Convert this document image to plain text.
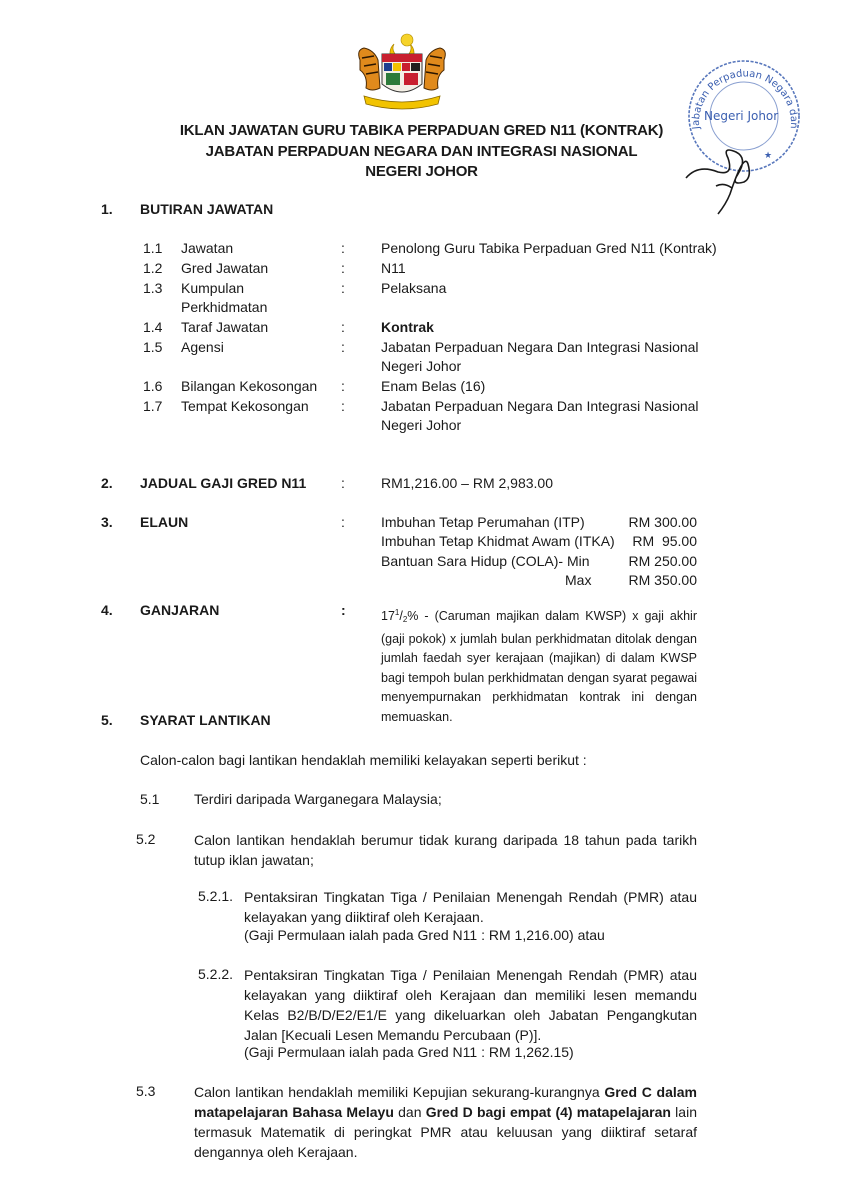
IKLAN JAWATAN GURU TABIKA PERPADUAN GRED N11 (KONTRAK)
JABATAN PERPADUAN NEGARA DAN INTEGRASI NASIONAL
NEGERI JOHOR
Jabatan Perpaduan Negara dan
Negeri Johor
★
1. BUTIRAN JAWATAN
1.1 Jawatan	:	Penolong Guru Tabika Perpaduan Gred N11 (Kontrak)
1.2 Gred Jawatan	:	N11
1.3 Kumpulan
Perkhidmatan
:	Pelaksana
1.4 Taraf Jawatan	:	Kontrak
1.5 Agensi	:	Jabatan Perpaduan Negara Dan Integrasi Nasional
Negeri Johor
1.6 Bilangan Kekosongan :	Enam Belas (16)
1.7 Tempat Kekosongan :	Jabatan Perpaduan Negara Dan Integrasi Nasional
Negeri Johor
2. JADUAL GAJI GRED N11 :	RM1,216.00 – RM 2,983.00
3. ELAUN	:	Imbuhan Tetap Perumahan (ITP)	RM 300.00
Imbuhan Tetap Khidmat Awam (ITKA) RM  95.00
Bantuan Sara Hidup (COLA)- Min	RM 250.00
Max	RM 350.00
4. GANJARAN	:	$17^1/_2\%$ - (Caruman majikan dalam KWSP) x gaji akhir (gaji pokok) x jumlah bulan perkhidmatan ditolak dengan jumlah faedah syer kerajaan (majikan) di dalam KWSP bagi tempoh bulan perkhidmatan dengan syarat pegawai menyempurnakan perkhidmatan kontrak ini dengan memuaskan.
5. SYARAT LANTIKAN
Calon-calon bagi lantikan hendaklah memiliki kelayakan seperti berikut :
5.1 Terdiri daripada Warganegara Malaysia;
5.2	Calon lantikan hendaklah berumur tidak kurang daripada 18 tahun pada tarikh tutup iklan jawatan;
5.2.1. Pentaksiran Tingkatan Tiga / Penilaian Menengah Rendah (PMR) atau kelayakan yang diiktiraf oleh Kerajaan.
(Gaji Permulaan ialah pada Gred N11 : RM 1,216.00) atau
5.2.2. Pentaksiran Tingkatan Tiga / Penilaian Menengah Rendah (PMR) atau kelayakan yang diiktiraf oleh Kerajaan dan memiliki lesen memandu Kelas B2/B/D/E2/E1/E yang dikeluarkan oleh Jabatan Pengangkutan Jalan [Kecuali Lesen Memandu Percubaan (P)].
(Gaji Permulaan ialah pada Gred N11 : RM 1,262.15)
5.3	Calon lantikan hendaklah memiliki Kepujian sekurang-kurangnya Gred C dalam matapelajaran Bahasa Melayu dan Gred D bagi empat (4) matapelajaran lain termasuk Matematik di peringkat PMR atau keluusan yang diiktiraf setaraf dengannya oleh Kerajaan.
